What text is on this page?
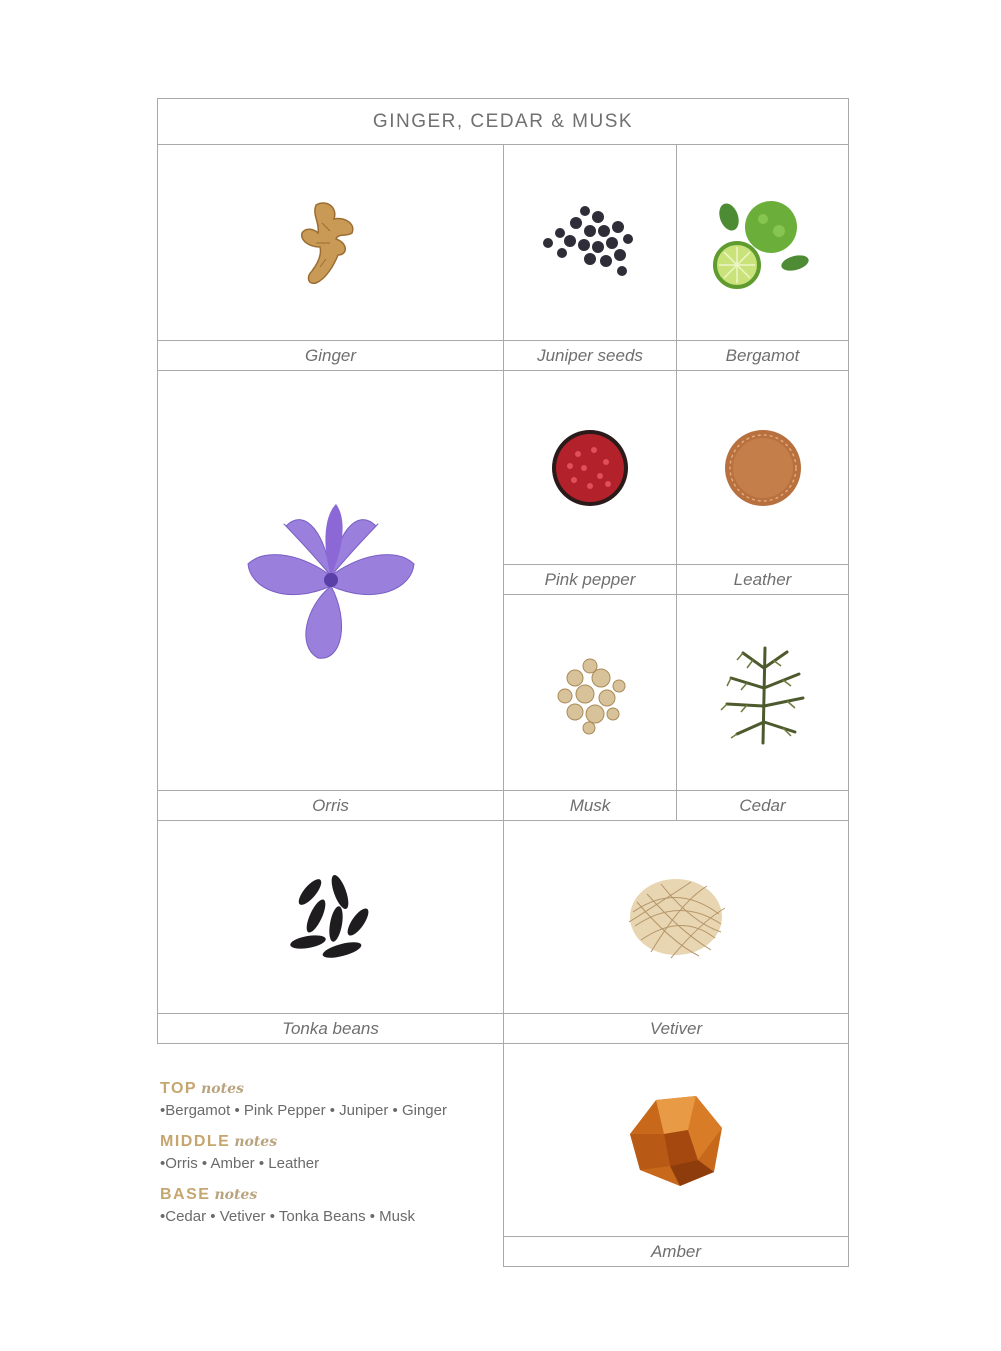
GINGER, CEDAR & MUSK
Ginger	Juniper seeds	Bergamot
Pink pepper	Leather
Orris	Musk	Cedar
Tonka beans	Vetiver
Amber
TOP notes
•Bergamot • Pink Pepper • Juniper • Ginger
MIDDLE notes
•Orris • Amber • Leather
BASE notes
•Cedar • Vetiver • Tonka Beans • Musk
